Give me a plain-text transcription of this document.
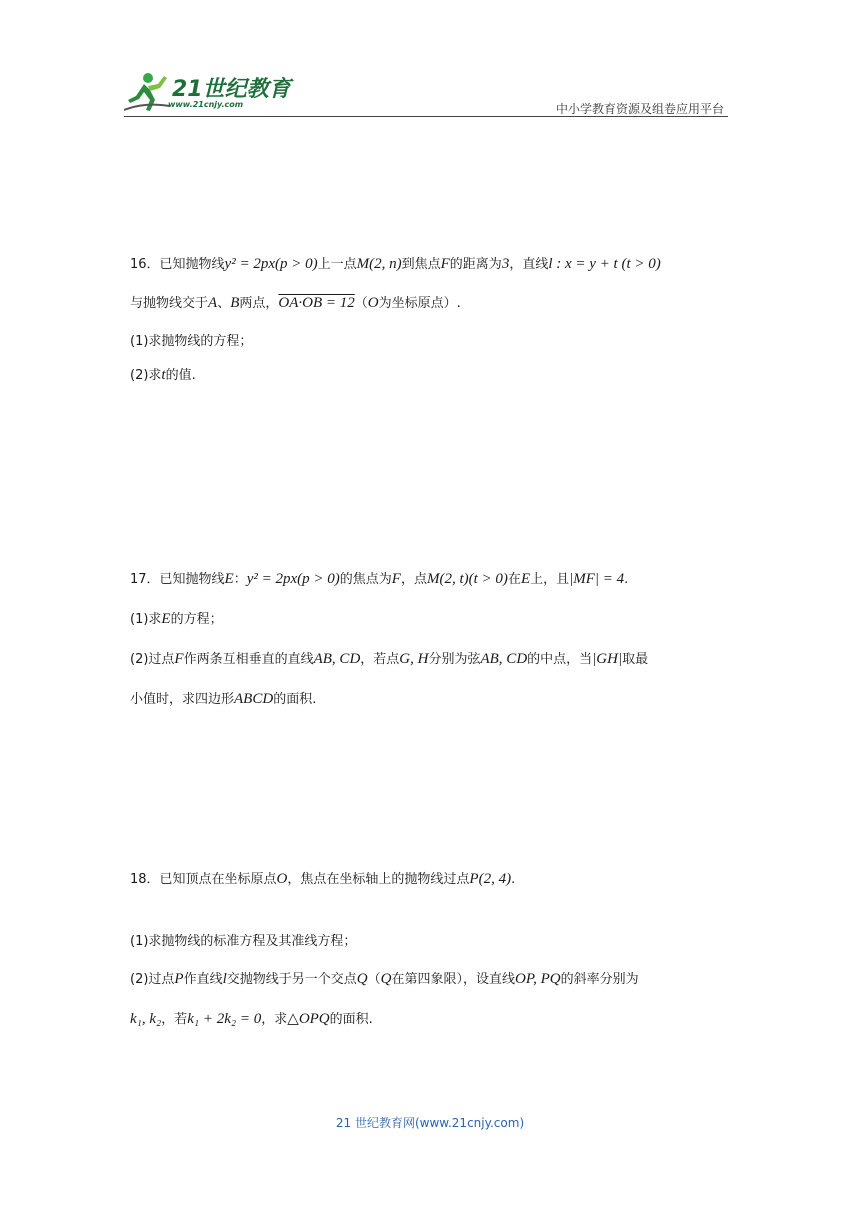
21世纪教育
www.21cnjy.com	中小学教育资源及组卷应用平台
16．已知抛物线y² = 2px(p > 0)上一点M(2, n)到焦点F的距离为3，直线l : x = y + t (t > 0)
与抛物线交于A、B两点，OA·OB = 12（O为坐标原点）.
(1)求抛物线的方程；
(2)求t的值.
17．已知抛物线E：y² = 2px(p > 0)的焦点为F，点M(2, t)(t > 0)在E上，且|MF| = 4.
(1)求E的方程；
(2)过点F作两条互相垂直的直线AB, CD，若点G, H分别为弦AB, CD的中点，当|GH|取最
小值时，求四边形ABCD的面积.
18．已知顶点在坐标原点O，焦点在坐标轴上的抛物线过点P(2, 4).
(1)求抛物线的标准方程及其准线方程；
(2)过点P作直线l交抛物线于另一个交点Q（Q在第四象限），设直线OP, PQ的斜率分别为
k₁, k₂，若k₁ + 2k₂ = 0，求△OPQ的面积.
21 世纪教育网(www.21cnjy.com)
